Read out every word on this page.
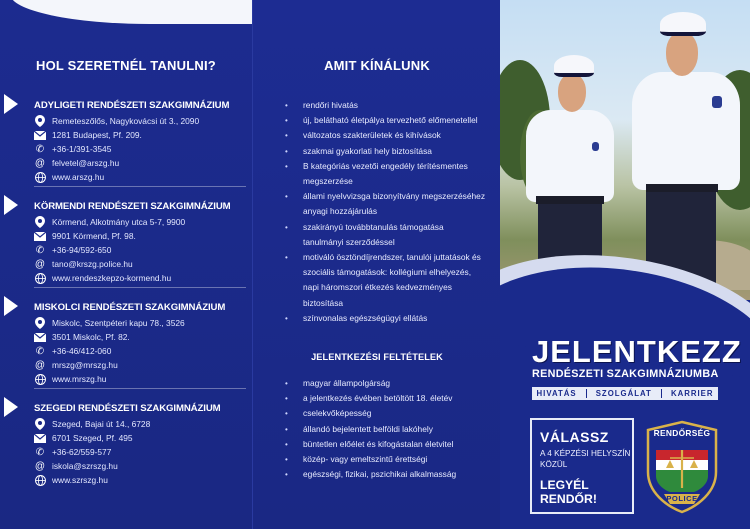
HOL SZERETNÉL TANULNI?
ADYLIGETI RENDÉSZETI SZAKGIMNÁZIUM
Remeteszőlős, Nagykovácsi út 3., 2090
1281 Budapest, Pf. 209.
✆ +36-1/391-3545
@ felvetel@arszg.hu
www.arszg.hu
KÖRMENDI RENDÉSZETI SZAKGIMNÁZIUM
Körmend, Alkotmány utca 5-7, 9900
9901 Körmend, Pf. 98.
✆ +36-94/592-650
@ tano@krszg.police.hu
www.rendeszkepzo-kormend.hu
MISKOLCI RENDÉSZETI SZAKGIMNÁZIUM
Miskolc, Szentpéteri kapu 78., 3526
3501 Miskolc, Pf. 82.
✆ +36-46/412-060
@ mrszg@mrszg.hu
www.mrszg.hu
SZEGEDI RENDÉSZETI SZAKGIMNÁZIUM
Szeged, Bajai út 14., 6728
6701 Szeged, Pf. 495
✆ +36-62/559-577
@ iskola@szrszg.hu
www.szrszg.hu
AMIT KÍNÁLUNK
• rendőri hivatás
• új, belátható életpálya tervezhető előmenetellel
• változatos szakterületek és kihívások
• szakmai gyakorlati hely biztosítása
• B kategóriás vezetői engedély térítésmentes megszerzése
• állami nyelvvizsga bizonyítvány megszerzéséhez anyagi hozzájárulás
• szakirányú továbbtanulás támogatása tanulmányi szerződéssel
• motiváló ösztöndíjrendszer, tanulói juttatások és szociális támogatások: kollégiumi elhelyezés, napi háromszori étkezés kedvezményes biztosítása
• színvonalas egészségügyi ellátás
JELENTKEZÉSI FELTÉTELEK
• magyar állampolgárság
• a jelentkezés évében betöltött 18. életév
• cselekvőképesség
• állandó bejelentett belföldi lakóhely
• büntetlen előélet és kifogástalan életvitel
• közép- vagy emeltszintű érettségi
• egészségi, fizikai, pszichikai alkalmasság
JELENTKEZZ
RENDÉSZETI SZAKGIMNÁZIUMBA
HIVATÁS SZOLGÁLAT KARRIER
VÁLASSZ
A 4 KÉPZÉSI HELYSZÍN KÖZÜL
LEGYÉL RENDŐR!
RENDŐRSÉG
POLICE
